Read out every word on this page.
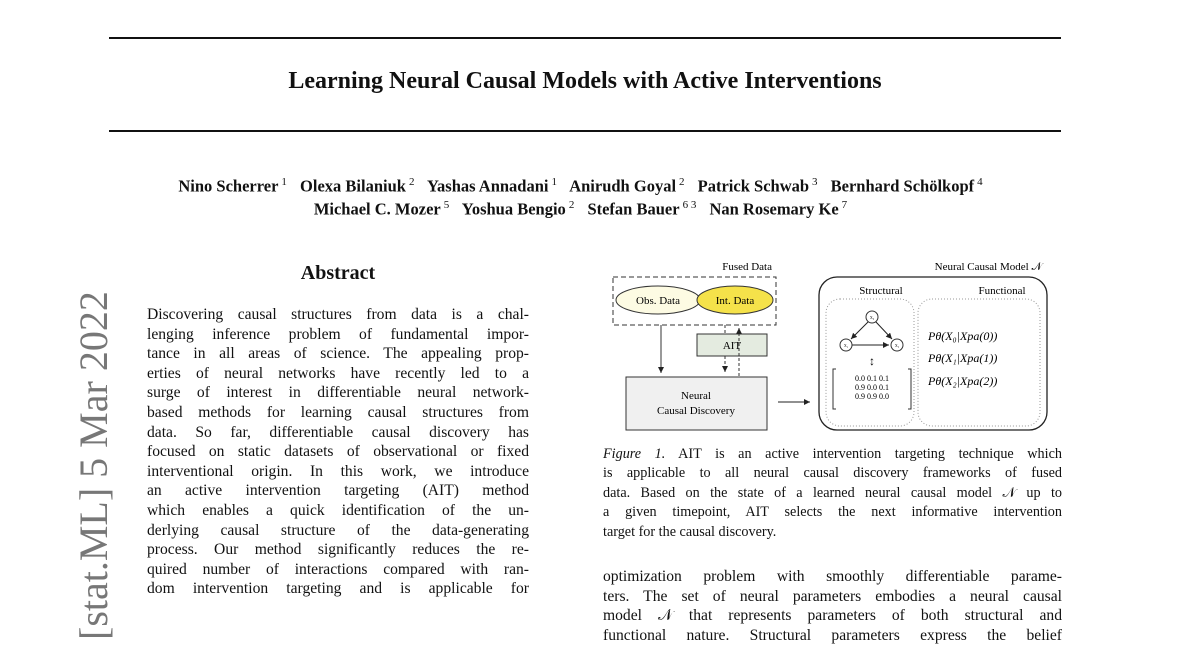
[stat.ML] 5 Mar 2022
Learning Neural Causal Models with Active Interventions
Nino Scherrer $^1$ Olexa Bilaniuk $^2$ Yashas Annadani $^1$ Anirudh Goyal $^2$ Patrick Schwab $^3$ Bernhard Schölkopf $^4$
Michael C. Mozer $^5$ Yoshua Bengio $^2$ Stefan Bauer $^{6 3}$ Nan Rosemary Ke $^7$
Abstract
Discovering causal structures from data is a chal-
lenging inference problem of fundamental impor-
tance in all areas of science. The appealing prop-
erties of neural networks have recently led to a
surge of interest in differentiable neural network-
based methods for learning causal structures from
data. So far, differentiable causal discovery has
focused on static datasets of observational or fixed
interventional origin. In this work, we introduce
an active intervention targeting (AIT) method
which enables a quick identification of the un-
derlying causal structure of the data-generating
process. Our method significantly reduces the re-
quired number of interactions compared with ran-
dom intervention targeting and is applicable for
Fused Data
Obs. Data	Int. Data
AIT
Neural
Causal Discovery
Neural Causal Model 𝒩
Structural	Functional
X₀
X₁	X₂
↕
0.0 0.1 0.1
0.9 0.0 0.1
0.9 0.9 0.0
Pθ(X₀|Xpa(0))
Pθ(X₁|Xpa(1))
Pθ(X₂|Xpa(2))
Figure 1. AIT is an active intervention targeting technique which
is applicable to all neural causal discovery frameworks of fused
data. Based on the state of a learned neural causal model 𝒩 up to
a given timepoint, AIT selects the next informative intervention
target for the causal discovery.
optimization problem with smoothly differentiable parame-
ters. The set of neural parameters embodies a neural causal
model 𝒩 that represents parameters of both structural and
functional nature. Structural parameters express the belief
